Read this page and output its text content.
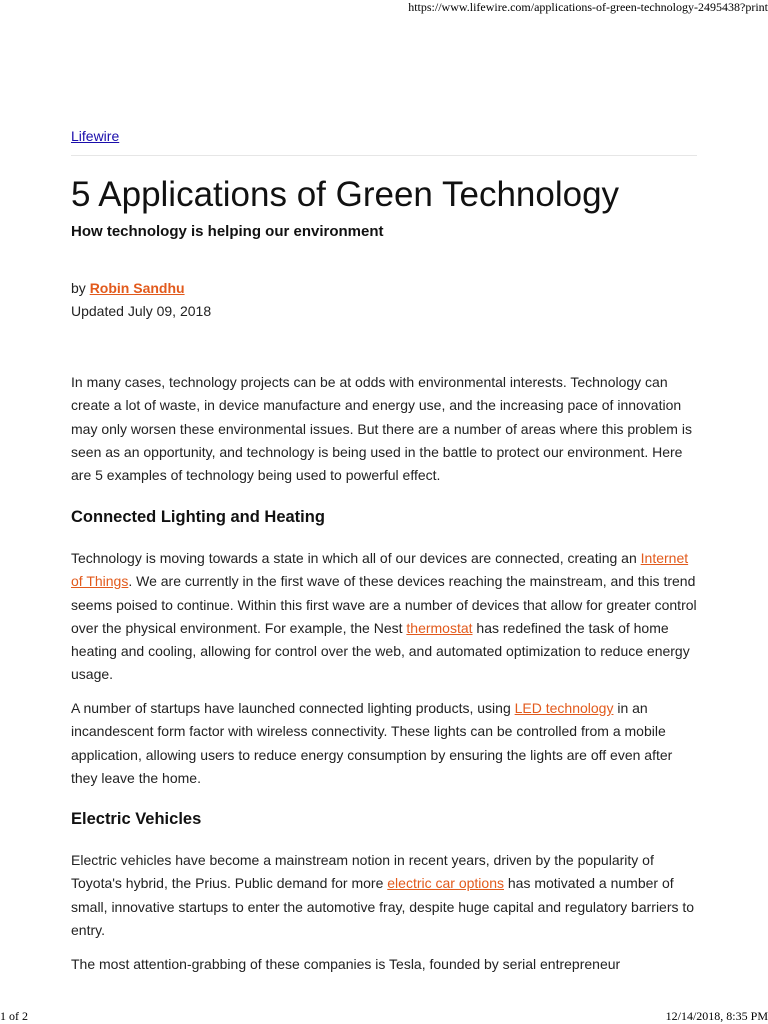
https://www.lifewire.com/applications-of-green-technology-2495438?print
Lifewire
5 Applications of Green Technology
How technology is helping our environment
by Robin Sandhu
Updated July 09, 2018

In many cases, technology projects can be at odds with environmental interests. Technology can create a lot of waste, in device manufacture and energy use, and the increasing pace of innovation may only worsen these environmental issues. But there are a number of areas where this problem is seen as an opportunity, and technology is being used in the battle to protect our environment. Here are 5 examples of technology being used to powerful effect.

Connected Lighting and Heating

Technology is moving towards a state in which all of our devices are connected, creating an Internet of Things. We are currently in the first wave of these devices reaching the mainstream, and this trend seems poised to continue. Within this first wave are a number of devices that allow for greater control over the physical environment. For example, the Nest thermostat has redefined the task of home heating and cooling, allowing for control over the web, and automated optimization to reduce energy usage.

A number of startups have launched connected lighting products, using LED technology in an incandescent form factor with wireless connectivity. These lights can be controlled from a mobile application, allowing users to reduce energy consumption by ensuring the lights are off even after they leave the home.

Electric Vehicles

Electric vehicles have become a mainstream notion in recent years, driven by the popularity of Toyota's hybrid, the Prius. Public demand for more electric car options has motivated a number of small, innovative startups to enter the automotive fray, despite huge capital and regulatory barriers to entry.

The most attention-grabbing of these companies is Tesla, founded by serial entrepreneur

1 of 2	12/14/2018, 8:35 PM
